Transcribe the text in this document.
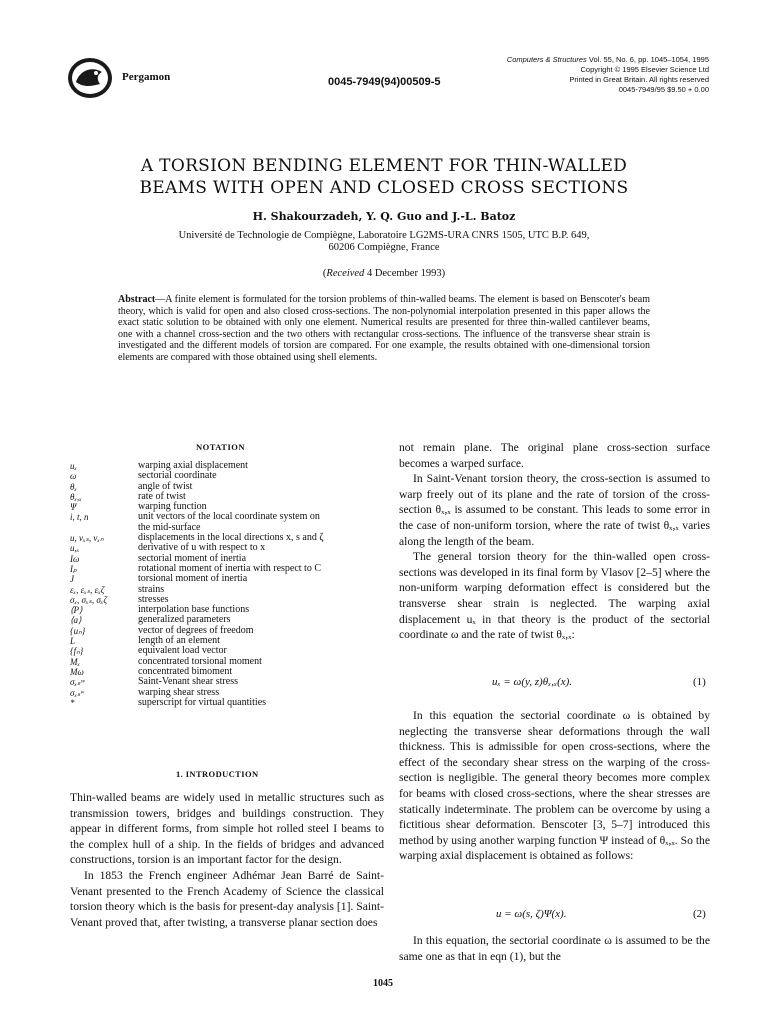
Pergamon	0045-7949(94)00509-5
Computers & Structures Vol. 55, No. 6, pp. 1045–1054, 1995
Copyright © 1995 Elsevier Science Ltd
Printed in Great Britain. All rights reserved
0045-7949/95 $9.50 + 0.00
A TORSION BENDING ELEMENT FOR THIN-WALLED
BEAMS WITH OPEN AND CLOSED CROSS SECTIONS
H. Shakourzadeh, Y. Q. Guo and J.-L. Batoz
Université de Technologie de Compiègne, Laboratoire LG2MS-URA CNRS 1505, UTC B.P. 649,
60206 Compiègne, France
(Received 4 December 1993)
Abstract—A finite element is formulated for the torsion problems of thin-walled beams. The element is based on Benscoter's beam theory, which is valid for open and also closed cross-sections. The non-polynomial interpolation presented in this paper allows the exact static solution to be obtained with only one element. Numerical results are presented for three thin-walled cantilever beams, one with a channel cross-section and the two others with rectangular cross-sections. The influence of the transverse shear strain is investigated and the different models of torsion are compared. For one example, the results obtained with one-dimensional torsion elements are compared with those obtained using shell elements.
NOTATION
uₓ	warping axial displacement
ω	sectorial coordinate
θₓ	angle of twist
θₓ,ₓ	rate of twist
Ψ	warping function
i, t, n	unit vectors of the local coordinate system on
the mid-surface
u, vₓₛ, vₓₙ	displacements in the local directions x, s and ζ
u,ₓ	derivative of u with respect to x
Iω	sectorial moment of inertia
Iₚ	rotational moment of inertia with respect to C
J	torsional moment of inertia
εₓ, εₓₛ, εₓζ	strains
σₓ, σₓₛ, σₓζ	stresses
⟨P⟩	interpolation base functions
⟨a⟩	generalized parameters
{uₙ}	vector of degrees of freedom
L	length of an element
{fₙ}	equivalent load vector
Mₓ	concentrated torsional moment
Mω	concentrated bimoment
σₓₛˢᵛ	Saint-Venant shear stress
σₓₛʷ	warping shear stress
*	superscript for virtual quantities
1. INTRODUCTION

Thin-walled beams are widely used in metallic structures such as transmission towers, bridges and buildings construction. They appear in different forms, from simple hot rolled steel I beams to the complex hull of a ship. In the fields of bridges and advanced constructions, torsion is an important factor for the design.

In 1853 the French engineer Adhémar Jean Barré de Saint-Venant presented to the French Academy of Science the classical torsion theory which is the basis for present-day analysis [1]. Saint-Venant proved that, after twisting, a transverse planar section does

not remain plane. The original plane cross-section surface becomes a warped surface.

In Saint-Venant torsion theory, the cross-section is assumed to warp freely out of its plane and the rate of torsion of the cross-section θₓ,ₓ is assumed to be constant. This leads to some error in the case of non-uniform torsion, where the rate of twist θₓ,ₓ varies along the length of the beam.

The general torsion theory for the thin-walled open cross-sections was developed in its final form by Vlasov [2–5] where the non-uniform warping deformation effect is considered but the transverse shear strain is neglected. The warping axial displacement uₓ in that theory is the product of the sectorial coordinate ω and the rate of twist θₓ,ₓ:

uₓ = ω(y, z)θₓ,ₓ(x).	(1)

In this equation the sectorial coordinate ω is obtained by neglecting the transverse shear deformations through the wall thickness. This is admissible for open cross-sections, where the effect of the secondary shear stress on the warping of the cross-section is negligible. The general theory becomes more complex for beams with closed cross-sections, where the shear stresses are statically indeterminate. The problem can be overcome by using a fictitious shear deformation. Benscoter [3, 5–7] introduced this method by using another warping function Ψ instead of θₓ,ₓ. So the warping axial displacement is obtained as follows:

u = ω(s, ζ)Ψ(x).	(2)

In this equation, the sectorial coordinate ω is assumed to be the same one as that in eqn (1), but the

1045
